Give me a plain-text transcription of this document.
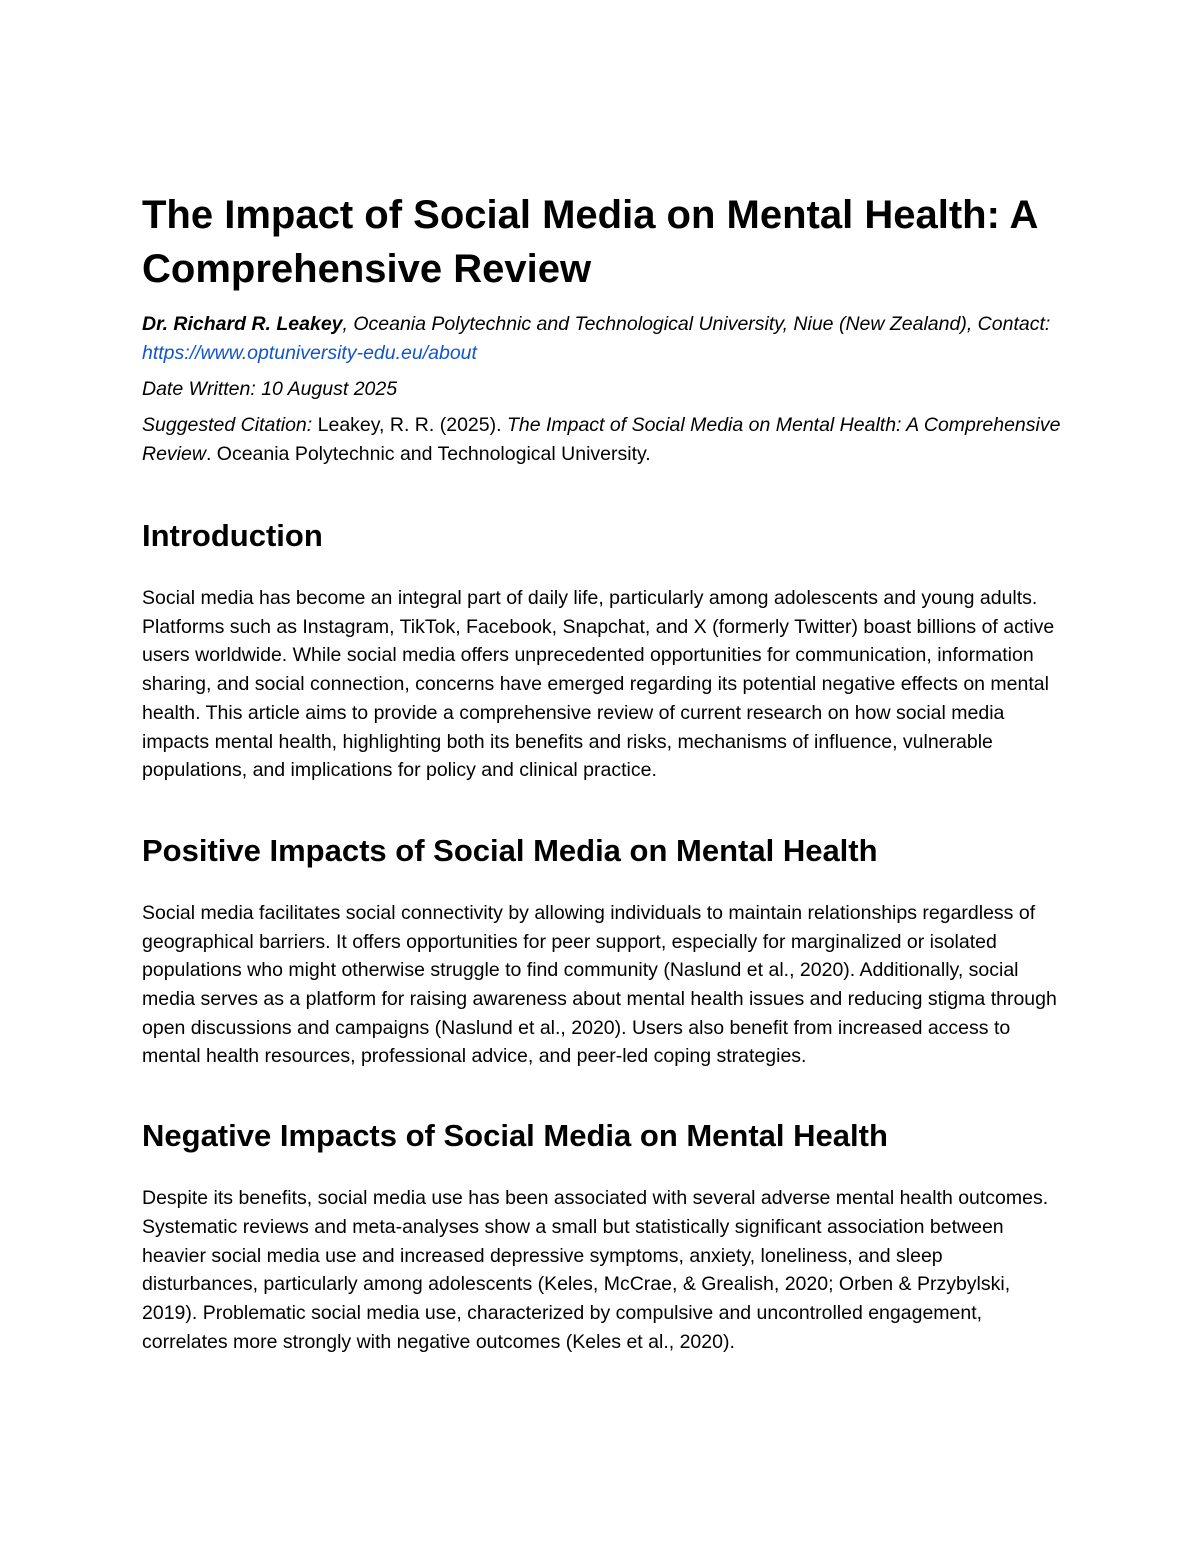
The Impact of Social Media on Mental Health: A Comprehensive Review

Dr. Richard R. Leakey, Oceania Polytechnic and Technological University, Niue (New Zealand), Contact: https://www.optuniversity-edu.eu/about

Date Written: 10 August 2025

Suggested Citation: Leakey, R. R. (2025). The Impact of Social Media on Mental Health: A Comprehensive Review. Oceania Polytechnic and Technological University.

Introduction

Social media has become an integral part of daily life, particularly among adolescents and young adults. Platforms such as Instagram, TikTok, Facebook, Snapchat, and X (formerly Twitter) boast billions of active users worldwide. While social media offers unprecedented opportunities for communication, information sharing, and social connection, concerns have emerged regarding its potential negative effects on mental health. This article aims to provide a comprehensive review of current research on how social media impacts mental health, highlighting both its benefits and risks, mechanisms of influence, vulnerable populations, and implications for policy and clinical practice.

Positive Impacts of Social Media on Mental Health

Social media facilitates social connectivity by allowing individuals to maintain relationships regardless of geographical barriers. It offers opportunities for peer support, especially for marginalized or isolated populations who might otherwise struggle to find community (Naslund et al., 2020). Additionally, social media serves as a platform for raising awareness about mental health issues and reducing stigma through open discussions and campaigns (Naslund et al., 2020). Users also benefit from increased access to mental health resources, professional advice, and peer-led coping strategies.

Negative Impacts of Social Media on Mental Health

Despite its benefits, social media use has been associated with several adverse mental health outcomes. Systematic reviews and meta-analyses show a small but statistically significant association between heavier social media use and increased depressive symptoms, anxiety, loneliness, and sleep disturbances, particularly among adolescents (Keles, McCrae, & Grealish, 2020; Orben & Przybylski, 2019). Problematic social media use, characterized by compulsive and uncontrolled engagement, correlates more strongly with negative outcomes (Keles et al., 2020).
